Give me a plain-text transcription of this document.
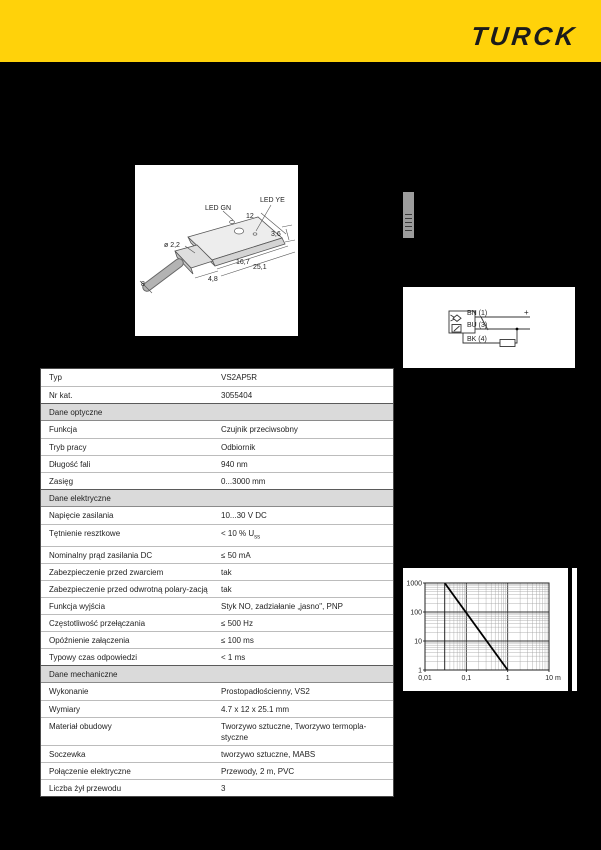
TURCK
LED GN
LED YE
12
3,6
ø 2,2
16,7
25,1
4,8
8
BN (1)
BU (3)
BK (4)
+
Typ	VS2AP5R
Nr kat.	3055404
Dane optyczne
Funkcja	Czujnik przeciwsobny
Tryb pracy	Odbiornik
Długość fali	940 nm
Zasięg	0...3000 mm
Dane elektryczne
Napięcie zasilania	10...30 V DC
Tętnienie resztkowe	< 10 % $U_{ss}$
Nominalny prąd zasilania DC	≤ 50 mA
Zabezpieczenie przed zwarciem	tak
Zabezpieczenie przed odwrotną polary-zacją	tak
Funkcja wyjścia	Styk NO, zadziałanie „jasno", PNP
Częstotliwość przełączania	≤ 500 Hz
Opóźnienie załączenia	≤ 100 ms
Typowy czas odpowiedzi	< 1 ms
Dane mechaniczne
Wykonanie	Prostopadłościenny, VS2
Wymiary	4.7 x 12 x 25.1 mm
Materiał obudowy	Tworzywo sztuczne, Tworzywo termopla-styczne
Soczewka	tworzywo sztuczne, MABS
Połączenie elektryczne	Przewody, 2 m, PVC
Liczba żył przewodu	3
1000
100
10
1
0,01	0,1	1	10 m
